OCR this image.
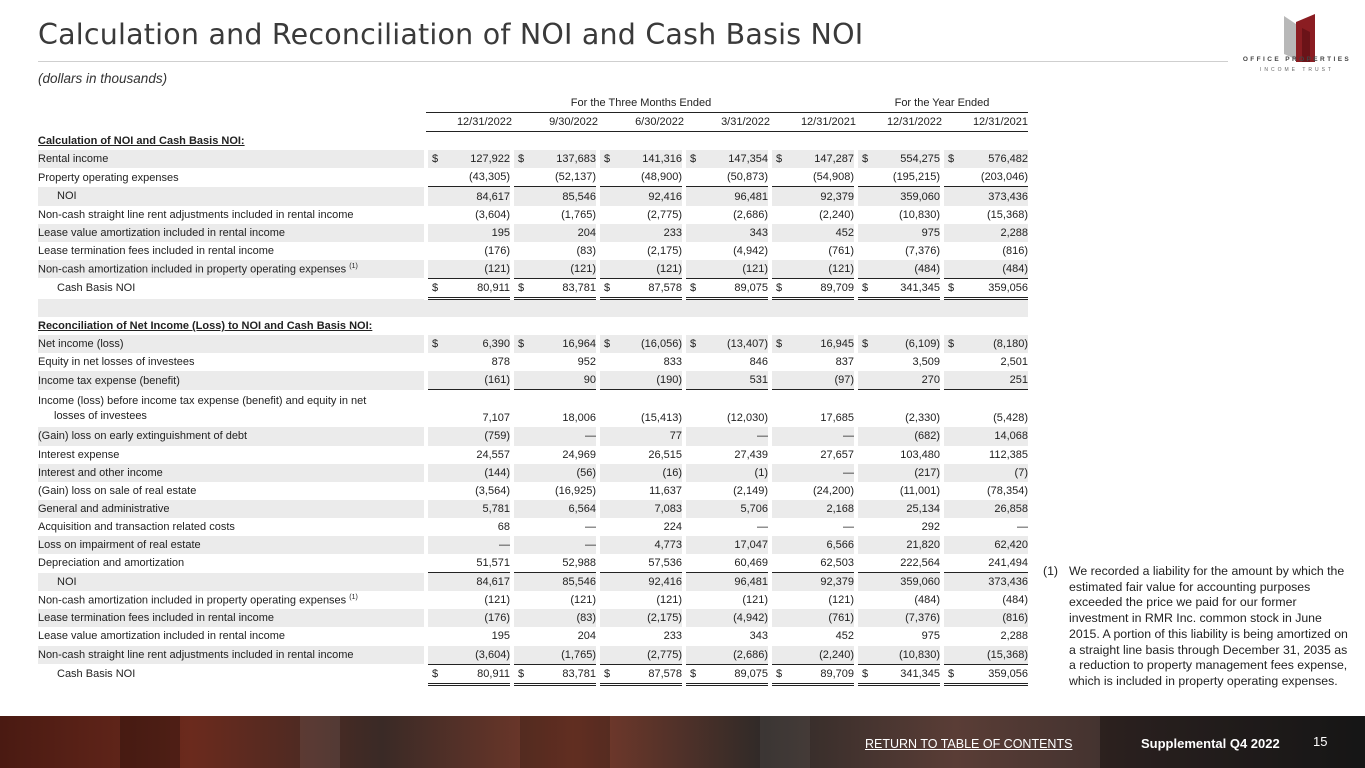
Calculation and Reconciliation of NOI and Cash Basis NOI
(dollars in thousands)
OFFICE PROPERTIES
INCOME TRUST
	For the Three Months Ended					For the Year Ended	
	12/31/2022	9/30/2022	6/30/2022	3/31/2022	12/31/2021	12/31/2022	12/31/2021
Calculation of NOI and Cash Basis NOI:							
Rental income	$ 127,922	$ 137,683	$ 141,316	$ 147,354	$ 147,287	$ 554,275	$ 576,482
Property operating expenses	(43,305)	(52,137)	(48,900)	(50,873)	(54,908)	(195,215)	(203,046)
NOI	84,617	85,546	92,416	96,481	92,379	359,060	373,436
Non-cash straight line rent adjustments included in rental income	(3,604)	(1,765)	(2,775)	(2,686)	(2,240)	(10,830)	(15,368)
Lease value amortization included in rental income	195	204	233	343	452	975	2,288
Lease termination fees included in rental income	(176)	(83)	(2,175)	(4,942)	(761)	(7,376)	(816)
Non-cash amortization included in property operating expenses $^{(1)}$	(121)	(121)	(121)	(121)	(121)	(484)	(484)
Cash Basis NOI	$ 80,911	$ 83,781	$ 87,578	$ 89,075	$ 89,709	$ 341,345	$ 359,056

Reconciliation of Net Income (Loss) to NOI and Cash Basis NOI:							
Net income (loss)	$ 6,390	$ 16,964	$ (16,056)	$ (13,407)	$ 16,945	$ (6,109)	$ (8,180)
Equity in net losses of investees	878	952	833	846	837	3,509	2,501
Income tax expense (benefit)	(161)	90	(190)	531	(97)	270	251
Income (loss) before income tax expense (benefit) and equity in net
losses of investees	7,107	18,006	(15,413)	(12,030)	17,685	(2,330)	(5,428)
(Gain) loss on early extinguishment of debt	(759)	—	77	—	—	(682)	14,068
Interest expense	24,557	24,969	26,515	27,439	27,657	103,480	112,385
Interest and other income	(144)	(56)	(16)	(1)	—	(217)	(7)
(Gain) loss on sale of real estate	(3,564)	(16,925)	11,637	(2,149)	(24,200)	(11,001)	(78,354)
General and administrative	5,781	6,564	7,083	5,706	2,168	25,134	26,858
Acquisition and transaction related costs	68	—	224	—	—	292	—
Loss on impairment of real estate	—	—	4,773	17,047	6,566	21,820	62,420
Depreciation and amortization	51,571	52,988	57,536	60,469	62,503	222,564	241,494
NOI	84,617	85,546	92,416	96,481	92,379	359,060	373,436
Non-cash amortization included in property operating expenses $^{(1)}$	(121)	(121)	(121)	(121)	(121)	(484)	(484)
Lease termination fees included in rental income	(176)	(83)	(2,175)	(4,942)	(761)	(7,376)	(816)
Lease value amortization included in rental income	195	204	233	343	452	975	2,288
Non-cash straight line rent adjustments included in rental income	(3,604)	(1,765)	(2,775)	(2,686)	(2,240)	(10,830)	(15,368)
Cash Basis NOI	$ 80,911	$ 83,781	$ 87,578	$ 89,075	$ 89,709	$ 341,345	$ 359,056
(1) We recorded a liability for the amount by which the estimated fair value for accounting purposes exceeded the price we paid for our former investment in RMR Inc. common stock in June 2015. A portion of this liability is being amortized on a straight line basis through December 31, 2035 as a reduction to property management fees expense, which is included in property operating expenses.
RETURN TO TABLE OF CONTENTS	Supplemental Q4 2022	15
